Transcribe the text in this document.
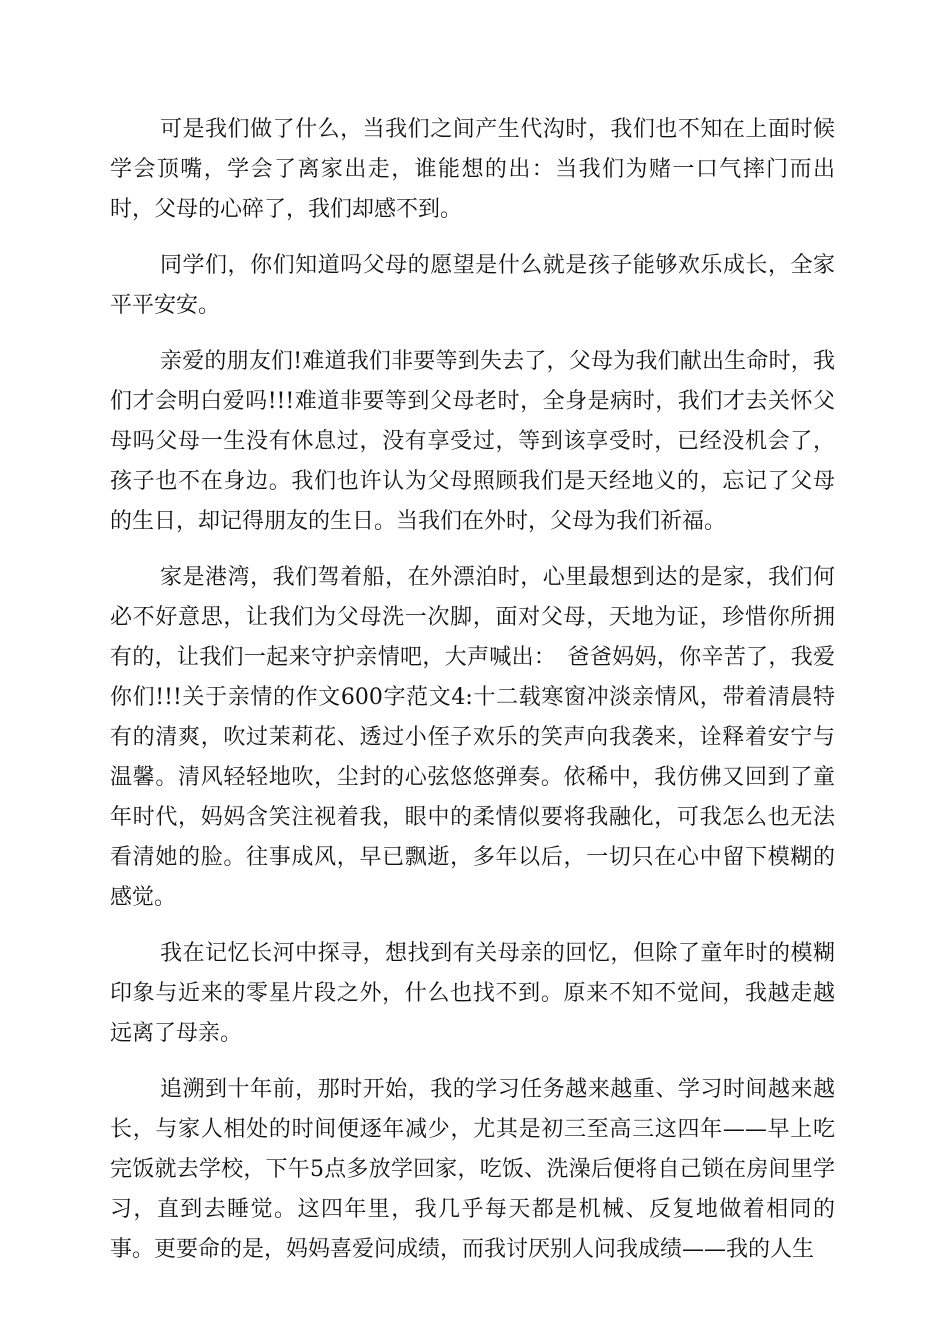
可是我们做了什么，当我们之间产生代沟时，我们也不知在上面时候学会顶嘴，学会了离家出走，谁能想的出：当我们为赌一口气摔门而出时，父母的心碎了，我们却感不到。

同学们，你们知道吗父母的愿望是什么就是孩子能够欢乐成长，全家平平安安。

亲爱的朋友们!难道我们非要等到失去了，父母为我们献出生命时，我们才会明白爱吗!!!难道非要等到父母老时，全身是病时，我们才去关怀父母吗父母一生没有休息过，没有享受过，等到该享受时，已经没机会了，孩子也不在身边。我们也许认为父母照顾我们是天经地义的，忘记了父母的生日，却记得朋友的生日。当我们在外时，父母为我们祈福。

家是港湾，我们驾着船，在外漂泊时，心里最想到达的是家，我们何必不好意思，让我们为父母洗一次脚，面对父母，天地为证，珍惜你所拥有的，让我们一起来守护亲情吧，大声喊出：　爸爸妈妈，你辛苦了，我爱你们!!!关于亲情的作文600字范文4:十二载寒窗冲淡亲情风，带着清晨特有的清爽，吹过茉莉花、透过小侄子欢乐的笑声向我袭来，诠释着安宁与温馨。清风轻轻地吹，尘封的心弦悠悠弹奏。依稀中，我仿佛又回到了童年时代，妈妈含笑注视着我，眼中的柔情似要将我融化，可我怎么也无法看清她的脸。往事成风，早已飘逝，多年以后，一切只在心中留下模糊的感觉。

我在记忆长河中探寻，想找到有关母亲的回忆，但除了童年时的模糊印象与近来的零星片段之外，什么也找不到。原来不知不觉间，我越走越远离了母亲。

追溯到十年前，那时开始，我的学习任务越来越重、学习时间越来越长，与家人相处的时间便逐年减少，尤其是初三至高三这四年——早上吃完饭就去学校，下午5点多放学回家，吃饭、洗澡后便将自己锁在房间里学习，直到去睡觉。这四年里，我几乎每天都是机械、反复地做着相同的事。更要命的是，妈妈喜爱问成绩，而我讨厌别人问我成绩——我的人生
